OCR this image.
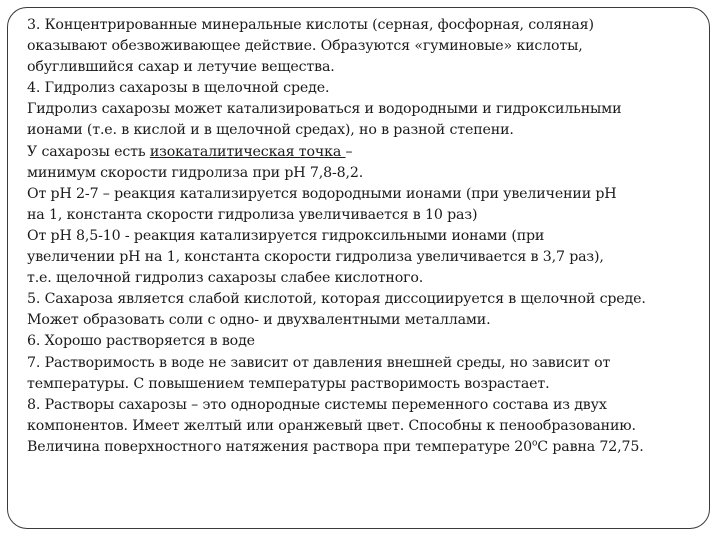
3. Концентрированные минеральные кислоты (серная, фосфорная, соляная)
оказывают обезвоживающее действие. Образуются «гуминовые» кислоты,
обуглившийся сахар и летучие вещества.
4. Гидролиз сахарозы в щелочной среде.
Гидролиз сахарозы может катализироваться и водородными и гидроксильными
ионами (т.е. в кислой и в щелочной средах), но в разной степени.
У сахарозы есть изокаталитическая точка –
минимум скорости гидролиза при рН 7,8-8,2.
От рН 2-7 – реакция катализируется водородными ионами (при увеличении рН
на 1, константа скорости гидролиза увеличивается в 10 раз)
От рН 8,5-10 - реакция катализируется гидроксильными ионами (при
увеличении рН на 1, константа скорости гидролиза увеличивается в 3,7 раз),
т.е. щелочной гидролиз сахарозы слабее кислотного.
5. Сахароза является слабой кислотой, которая диссоциируется в щелочной среде.
Может образовать соли с одно- и двухвалентными металлами.
6. Хорошо растворяется в воде
7. Растворимость в воде не зависит от давления внешней среды, но зависит от
температуры. С повышением температуры растворимость возрастает.
8. Растворы сахарозы – это однородные системы переменного состава из двух
компонентов. Имеет желтый или оранжевый цвет. Способны к пенообразованию.
Величина поверхностного натяжения раствора при температуре $20^оС$ равна 72,75.
